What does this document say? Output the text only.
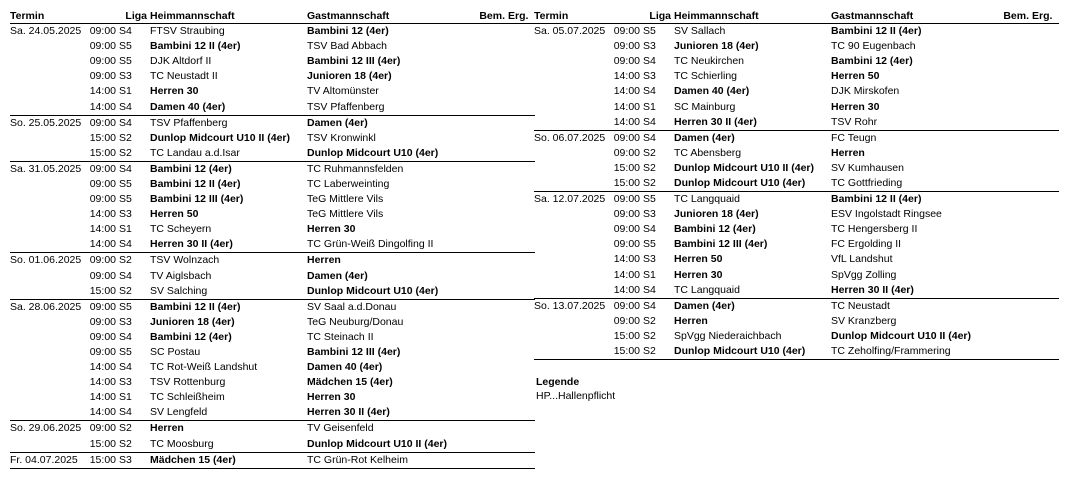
Termin		Liga	Heimmannschaft	Gastmannschaft	Bem.	Erg.
Sa. 24.05.2025	09:00	S4	FTSV Straubing	Bambini 12 (4er)		
	09:00	S5	Bambini 12 II (4er)	TSV Bad Abbach		
	09:00	S5	DJK Altdorf II	Bambini 12 III (4er)		
	09:00	S3	TC Neustadt II	Junioren 18 (4er)		
	14:00	S1	Herren 30	TV Altomünster		
	14:00	S4	Damen 40 (4er)	TSV Pfaffenberg		
So. 25.05.2025	09:00	S4	TSV Pfaffenberg	Damen (4er)		
	15:00	S2	Dunlop Midcourt U10 II (4er)	TSV Kronwinkl		
	15:00	S2	TC Landau a.d.Isar	Dunlop Midcourt U10 (4er)		
Sa. 31.05.2025	09:00	S4	Bambini 12 (4er)	TC Ruhmannsfelden		
	09:00	S5	Bambini 12 II (4er)	TC Laberweinting		
	09:00	S5	Bambini 12 III (4er)	TeG Mittlere Vils		
	14:00	S3	Herren 50	TeG Mittlere Vils		
	14:00	S1	TC Scheyern	Herren 30		
	14:00	S4	Herren 30 II (4er)	TC Grün-Weiß Dingolfing II		
So. 01.06.2025	09:00	S2	TSV Wolnzach	Herren		
	09:00	S4	TV Aiglsbach	Damen (4er)		
	15:00	S2	SV Salching	Dunlop Midcourt U10 (4er)		
Sa. 28.06.2025	09:00	S5	Bambini 12 II (4er)	SV Saal a.d.Donau		
	09:00	S3	Junioren 18 (4er)	TeG Neuburg/Donau		
	09:00	S4	Bambini 12 (4er)	TC Steinach II		
	09:00	S5	SC Postau	Bambini 12 III (4er)		
	14:00	S4	TC Rot-Weiß Landshut	Damen 40 (4er)		
	14:00	S3	TSV Rottenburg	Mädchen 15 (4er)		
	14:00	S1	TC Schleißheim	Herren 30		
	14:00	S4	SV Lengfeld	Herren 30 II (4er)		
So. 29.06.2025	09:00	S2	Herren	TV Geisenfeld		
	15:00	S2	TC Moosburg	Dunlop Midcourt U10 II (4er)		
Fr. 04.07.2025	15:00	S3	Mädchen 15 (4er)	TC Grün-Rot Kelheim		

Termin		Liga	Heimmannschaft	Gastmannschaft	Bem.	Erg.
Sa. 05.07.2025	09:00	S5	SV Sallach	Bambini 12 II (4er)		
	09:00	S3	Junioren 18 (4er)	TC 90 Eugenbach		
	09:00	S4	TC Neukirchen	Bambini 12 (4er)		
	14:00	S3	TC Schierling	Herren 50		
	14:00	S4	Damen 40 (4er)	DJK Mirskofen		
	14:00	S1	SC Mainburg	Herren 30		
	14:00	S4	Herren 30 II (4er)	TSV Rohr		
So. 06.07.2025	09:00	S4	Damen (4er)	FC Teugn		
	09:00	S2	TC Abensberg	Herren		
	15:00	S2	Dunlop Midcourt U10 II (4er)	SV Kumhausen		
	15:00	S2	Dunlop Midcourt U10 (4er)	TC Gottfrieding		
Sa. 12.07.2025	09:00	S5	TC Langquaid	Bambini 12 II (4er)		
	09:00	S3	Junioren 18 (4er)	ESV Ingolstadt Ringsee		
	09:00	S4	Bambini 12 (4er)	TC Hengersberg II		
	09:00	S5	Bambini 12 III (4er)	FC Ergolding II		
	14:00	S3	Herren 50	VfL Landshut		
	14:00	S1	Herren 30	SpVgg Zolling		
	14:00	S4	TC Langquaid	Herren 30 II (4er)		
So. 13.07.2025	09:00	S4	Damen (4er)	TC Neustadt		
	09:00	S2	Herren	SV Kranzberg		
	15:00	S2	SpVgg Niederaichbach	Dunlop Midcourt U10 II (4er)		
	15:00	S2	Dunlop Midcourt U10 (4er)	TC Zeholfing/Frammering		

Legende
HP...Hallenpflicht
